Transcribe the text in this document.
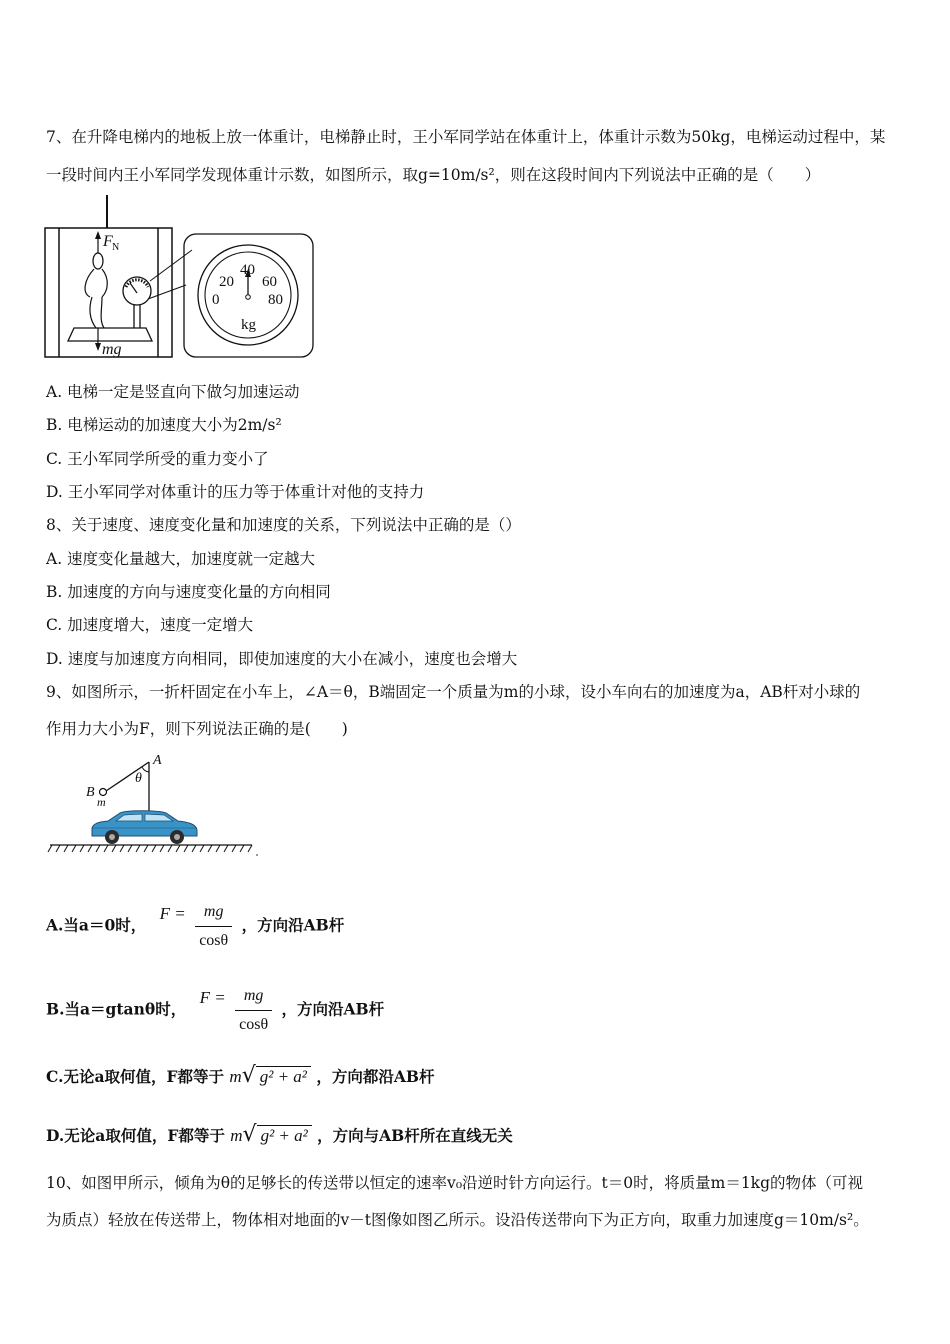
7、在升降电梯内的地板上放一体重计，电梯静止时，王小军同学站在体重计上，体重计示数为50kg，电梯运动过程中，某
一段时间内王小军同学发现体重计示数，如图所示，取g=10m/s²，则在这段时间内下列说法中正确的是（　　）
F N
mg
0
20
40
60
80
kg
A. 电梯一定是竖直向下做匀加速运动
B. 电梯运动的加速度大小为2m/s²
C. 王小军同学所受的重力变小了
D. 王小军同学对体重计的压力等于体重计对他的支持力
8、关于速度、速度变化量和加速度的关系，下列说法中正确的是（）
A. 速度变化量越大，加速度就一定越大
B. 加速度的方向与速度变化量的方向相同
C. 加速度增大，速度一定增大
D. 速度与加速度方向相同，即使加速度的大小在减小，速度也会增大
9、如图所示，一折杆固定在小车上，∠A＝θ，B端固定一个质量为m的小球，设小车向右的加速度为a，AB杆对小球的
作用力大小为F，则下列说法正确的是(　　)
A
θ
B
m
A.当a＝0时， $F = \frac{mg}{\cos\theta}$ ，方向沿AB杆
B.当a＝gtanθ时， $F = \frac{mg}{\cos\theta}$ ，方向沿AB杆
C.无论a取何值，F都等于 m√ g² + a² ，方向都沿AB杆
D.无论a取何值，F都等于 m√ g² + a² ，方向与AB杆所在直线无关
10、如图甲所示，倾角为θ的足够长的传送带以恒定的速率v₀沿逆时针方向运行。t＝0时，将质量m＝1kg的物体（可视
为质点）轻放在传送带上，物体相对地面的v－t图像如图乙所示。设沿传送带向下为正方向，取重力加速度g＝10m/s²。
